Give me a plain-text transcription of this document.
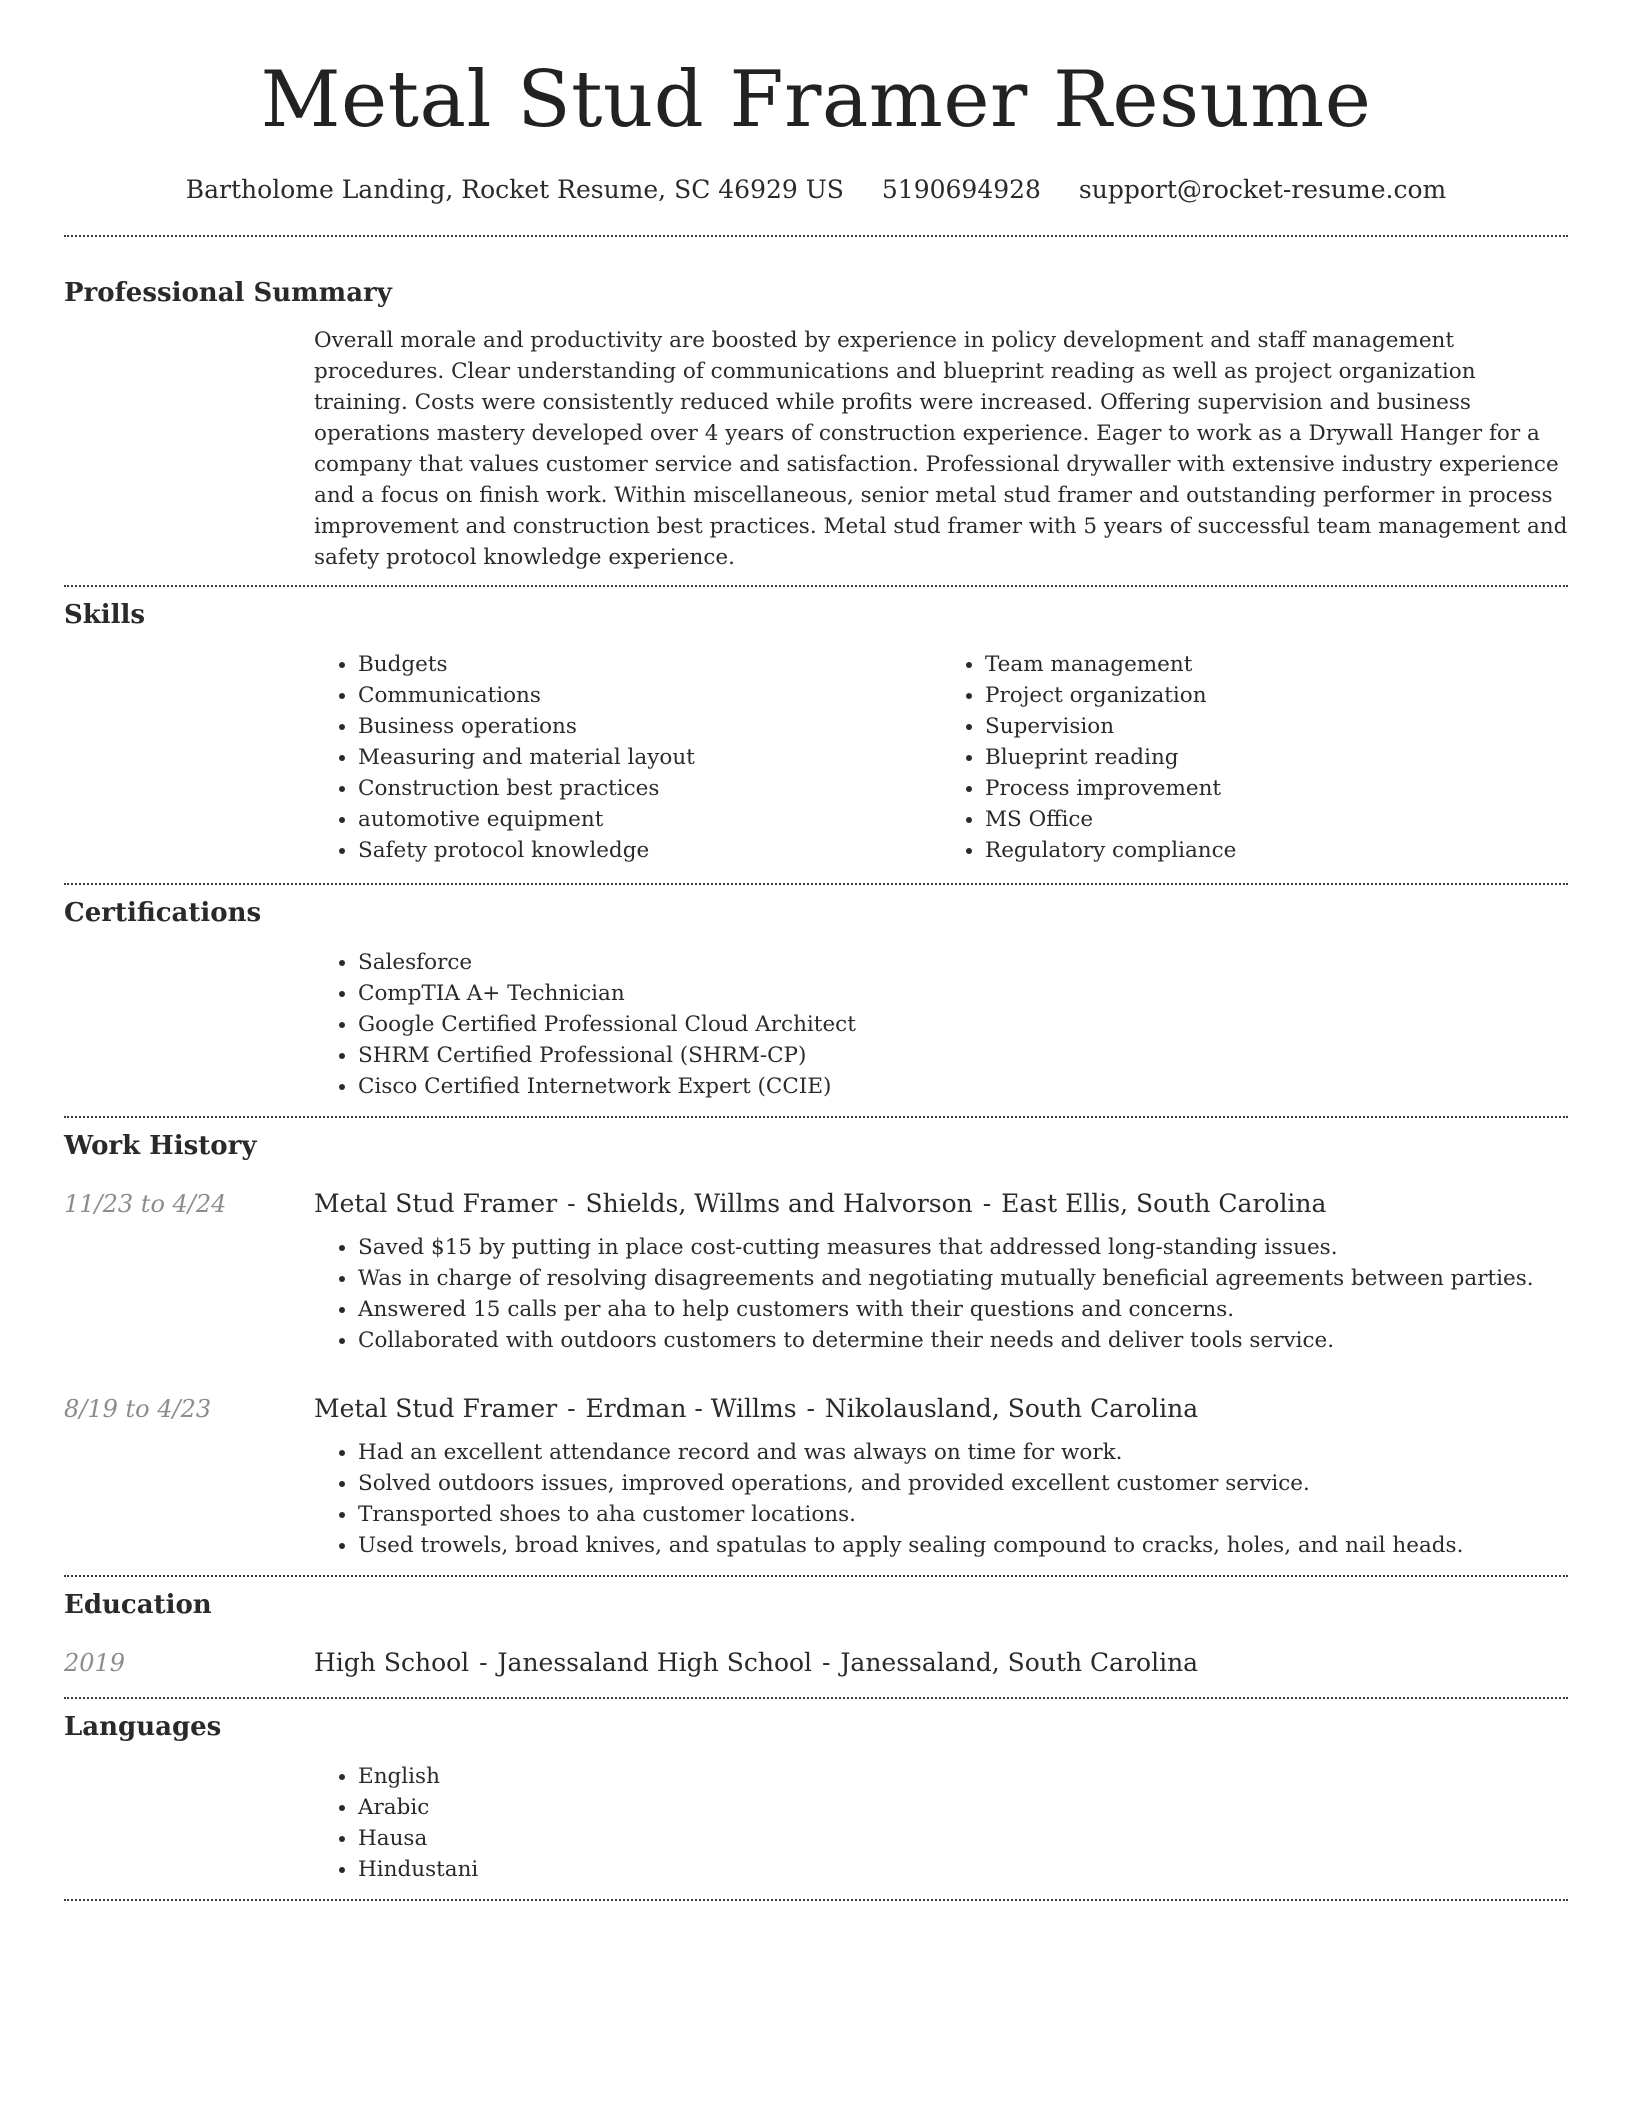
Metal Stud Framer Resume
Bartholome Landing, Rocket Resume, SC 46929 US 5190694928 support@rocket-resume.com
Professional Summary

Overall morale and productivity are boosted by experience in policy development and staff management procedures. Clear understanding of communications and blueprint reading as well as project organization training. Costs were consistently reduced while profits were increased. Offering supervision and business operations mastery developed over 4 years of construction experience. Eager to work as a Drywall Hanger for a company that values customer service and satisfaction. Professional drywaller with extensive industry experience and a focus on finish work. Within miscellaneous, senior metal stud framer and outstanding performer in process improvement and construction best practices. Metal stud framer with 5 years of successful team management and safety protocol knowledge experience.

Skills
• Budgets
• Communications
• Business operations
• Measuring and material layout
• Construction best practices
• automotive equipment
• Safety protocol knowledge
• Team management
• Project organization
• Supervision
• Blueprint reading
• Process improvement
• MS Office
• Regulatory compliance
Certifications
• Salesforce
• CompTIA A+ Technician
• Google Certified Professional Cloud Architect
• SHRM Certified Professional (SHRM-CP)
• Cisco Certified Internetwork Expert (CCIE)
Work History
11/23 to 4/24	Metal Stud Framer - Shields, Willms and Halvorson - East Ellis, South Carolina
• Saved $15 by putting in place cost-cutting measures that addressed long-standing issues.
• Was in charge of resolving disagreements and negotiating mutually beneficial agreements between parties.
• Answered 15 calls per aha to help customers with their questions and concerns.
• Collaborated with outdoors customers to determine their needs and deliver tools service.
8/19 to 4/23	Metal Stud Framer - Erdman - Willms - Nikolausland, South Carolina
• Had an excellent attendance record and was always on time for work.
• Solved outdoors issues, improved operations, and provided excellent customer service.
• Transported shoes to aha customer locations.
• Used trowels, broad knives, and spatulas to apply sealing compound to cracks, holes, and nail heads.
Education
2019	High School - Janessaland High School - Janessaland, South Carolina
Languages
• English
• Arabic
• Hausa
• Hindustani
